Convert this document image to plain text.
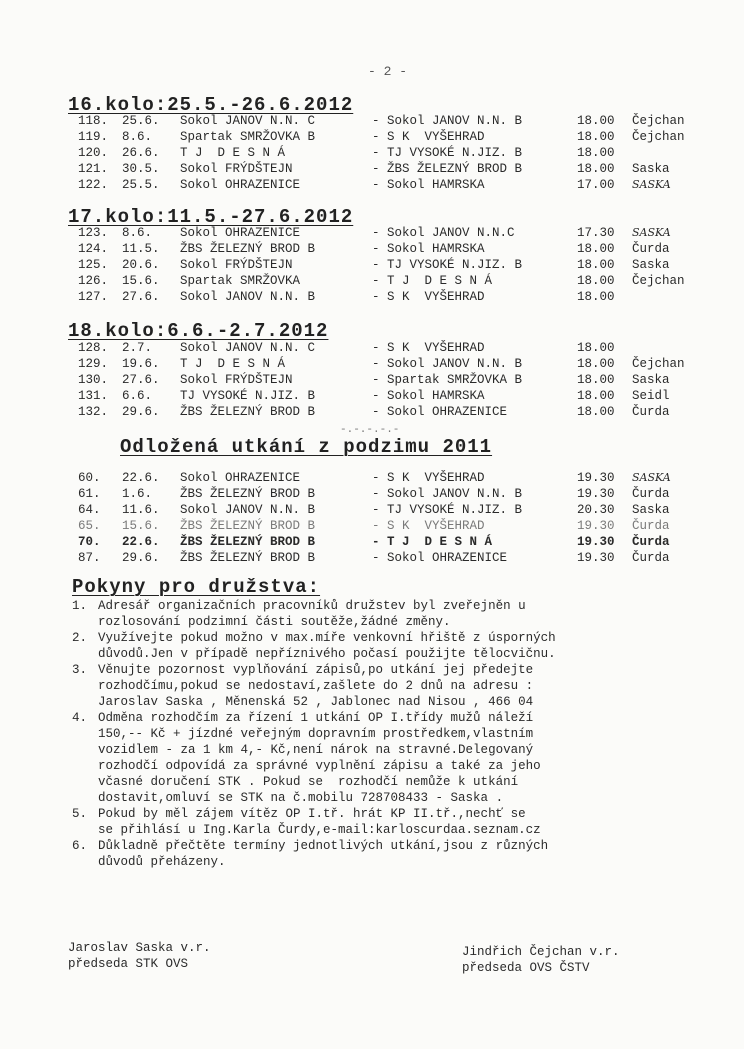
- 2 -
16.kolo:25.5.-26.6.2012
118. 25.6. Sokol JANOV N.N. C	- Sokol JANOV N.N. B	18.00 Čejchan
119. 8.6. Spartak SMRŽOVKA B	- S K  VYŠEHRAD	18.00 Čejchan
120. 26.6. T J  D E S N Á	- TJ VYSOKÉ N.JIZ. B	18.00
121. 30.5. Sokol FRÝDŠTEJN	- ŽBS ŽELEZNÝ BROD B	18.00 Saska
122. 25.5. Sokol OHRAZENICE	- Sokol HAMRSKA	17.00 SASKA
17.kolo:11.5.-27.6.2012
123. 8.6. Sokol OHRAZENICE	- Sokol JANOV N.N.C	17.30 SASKA
124. 11.5. ŽBS ŽELEZNÝ BROD B	- Sokol HAMRSKA	18.00 Čurda
125. 20.6. Sokol FRÝDŠTEJN	- TJ VYSOKÉ N.JIZ. B	18.00 Saska
126. 15.6. Spartak SMRŽOVKA	- T J  D E S N Á	18.00 Čejchan
127. 27.6. Sokol JANOV N.N. B	- S K  VYŠEHRAD	18.00
18.kolo:6.6.-2.7.2012
128. 2.7. Sokol JANOV N.N. C	- S K  VYŠEHRAD	18.00
129. 19.6. T J  D E S N Á	- Sokol JANOV N.N. B	18.00 Čejchan
130. 27.6. Sokol FRÝDŠTEJN	- Spartak SMRŽOVKA B	18.00 Saska
131. 6.6. TJ VYSOKÉ N.JIZ. B	- Sokol HAMRSKA	18.00 Seidl
132. 29.6. ŽBS ŽELEZNÝ BROD B	- Sokol OHRAZENICE	18.00 Čurda
-.-.-.-.-
Odložená utkání z podzimu 2011
60. 22.6. Sokol OHRAZENICE	- S K  VYŠEHRAD	19.30 SASKA
61. 1.6. ŽBS ŽELEZNÝ BROD B	- Sokol JANOV N.N. B	19.30 Čurda
64. 11.6. Sokol JANOV N.N. B	- TJ VYSOKÉ N.JIZ. B	20.30 Saska
65. 15.6. ŽBS ŽELEZNÝ BROD B	- S K  VYŠEHRAD	19.30 Čurda
70. 22.6. ŽBS ŽELEZNÝ BROD B	- T J  D E S N Á	19.30 Čurda
87. 29.6. ŽBS ŽELEZNÝ BROD B	- Sokol OHRAZENICE	19.30 Čurda
Pokyny pro družstva:
1. Adresář organizačních pracovníků družstev byl zveřejněn u
rozlosování podzimní části soutěže,žádné změny.
2. Využívejte pokud možno v max.míře venkovní hřiště z úsporných
důvodů.Jen v případě nepříznivého počasí použijte tělocvičnu.
3. Věnujte pozornost vyplňování zápisů,po utkání jej předejte
rozhodčímu,pokud se nedostaví,zašlete do 2 dnů na adresu :
Jaroslav Saska , Měnenská 52 , Jablonec nad Nisou , 466 04
4. Odměna rozhodčím za řízení 1 utkání OP I.třídy mužů náleží
150,-- Kč + jízdné veřejným dopravním prostředkem,vlastním
vozidlem - za 1 km 4,- Kč,není nárok na stravné.Delegovaný
rozhodčí odpovídá za správné vyplnění zápisu a také za jeho
včasné doručení STK . Pokud se  rozhodčí nemůže k utkání
dostavit,omluví se STK na č.mobilu 728708433 - Saska .
5. Pokud by měl zájem vítěz OP I.tř. hrát KP II.tř.,nechť se
se přihlásí u Ing.Karla Čurdy,e-mail:karloscurdaa.seznam.cz
6. Důkladně přečtěte termíny jednotlivých utkání,jsou z různých
důvodů přeházeny.
Jaroslav Saska v.r.
předseda STK OVS
Jindřich Čejchan v.r.
předseda OVS ČSTV
